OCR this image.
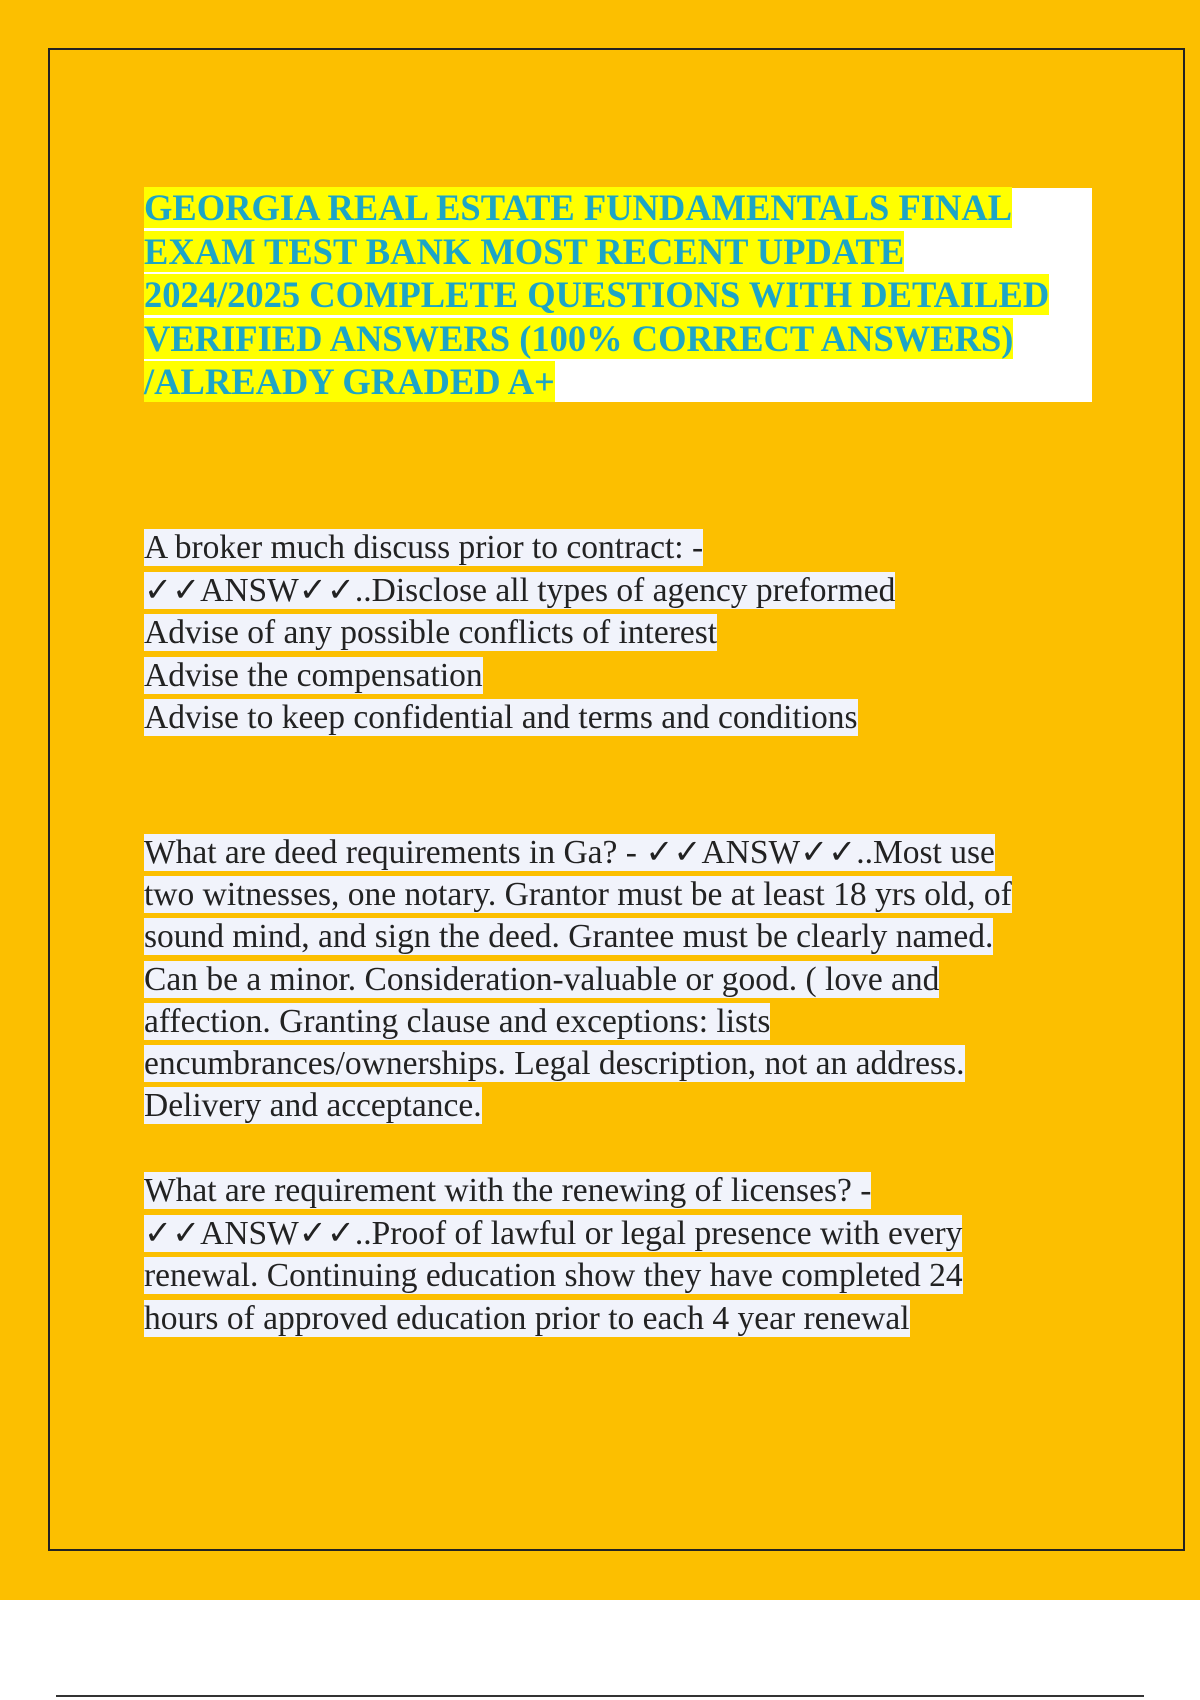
GEORGIA REAL ESTATE FUNDAMENTALS FINAL
EXAM TEST BANK MOST RECENT UPDATE
2024/2025 COMPLETE QUESTIONS WITH DETAILED
VERIFIED ANSWERS (100% CORRECT ANSWERS)
/ALREADY GRADED A+
A broker much discuss prior to contract: -
✓✓ANSW✓✓..Disclose all types of agency preformed
Advise of any possible conflicts of interest
Advise the compensation
Advise to keep confidential and terms and conditions
What are deed requirements in Ga? - ✓✓ANSW✓✓..Most use
two witnesses, one notary. Grantor must be at least 18 yrs old, of
sound mind, and sign the deed. Grantee must be clearly named.
Can be a minor. Consideration-valuable or good. ( love and
affection. Granting clause and exceptions: lists
encumbrances/ownerships. Legal description, not an address.
Delivery and acceptance.
What are requirement with the renewing of licenses? -
✓✓ANSW✓✓..Proof of lawful or legal presence with every
renewal. Continuing education show they have completed 24
hours of approved education prior to each 4 year renewal
